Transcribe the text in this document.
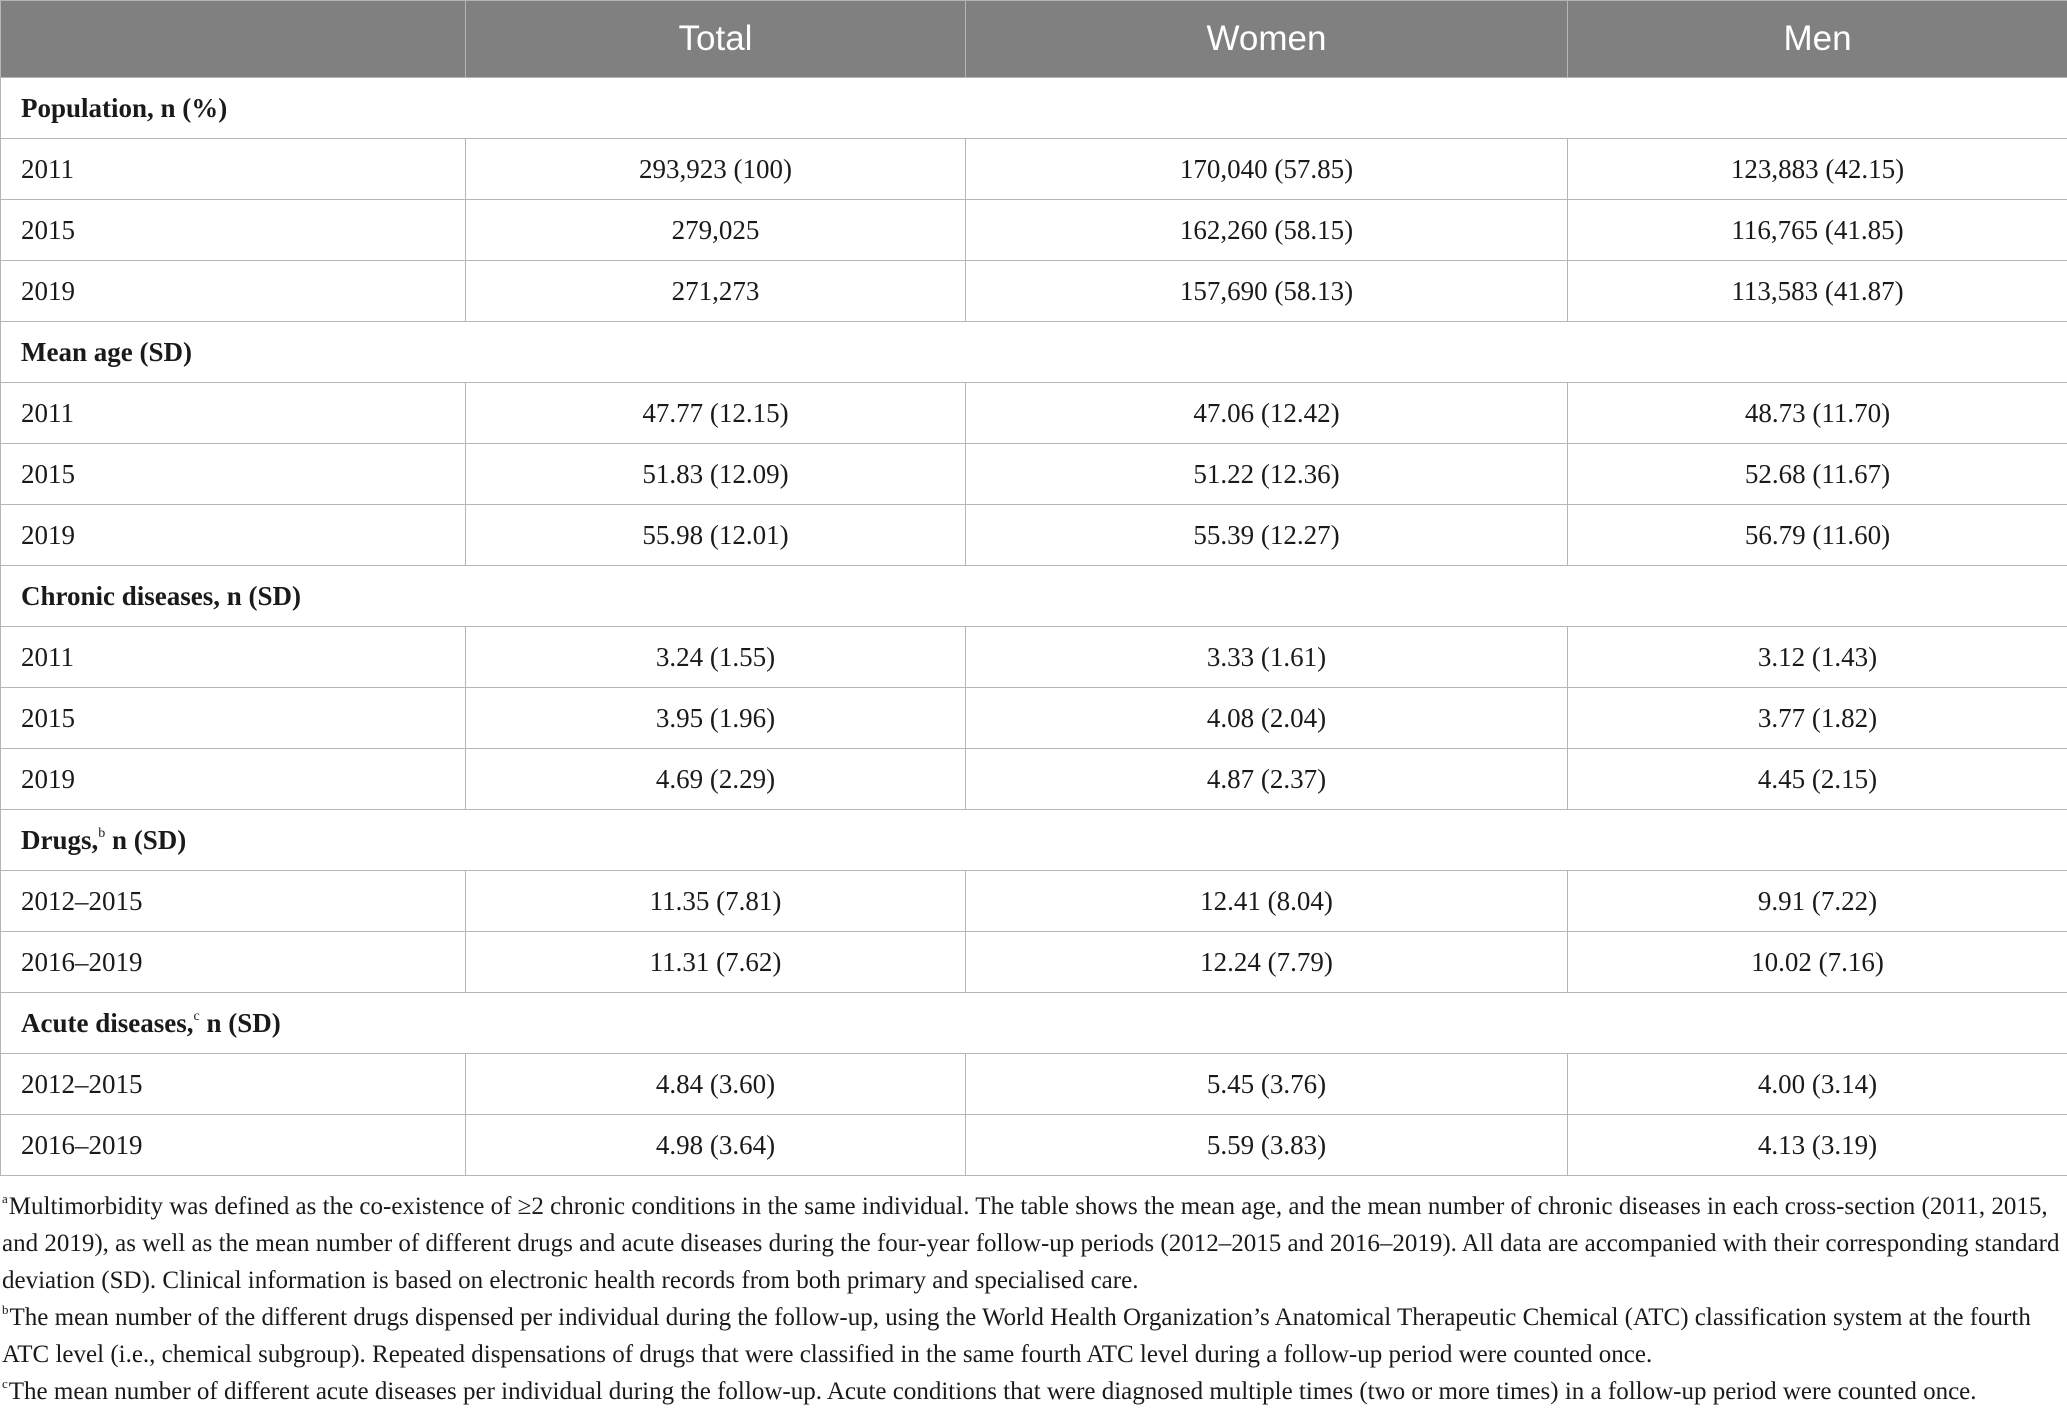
	Total	Women	Men
Population, n (%)			
2011	293,923 (100)	170,040 (57.85)	123,883 (42.15)
2015	279,025	162,260 (58.15)	116,765 (41.85)
2019	271,273	157,690 (58.13)	113,583 (41.87)
Mean age (SD)			
2011	47.77 (12.15)	47.06 (12.42)	48.73 (11.70)
2015	51.83 (12.09)	51.22 (12.36)	52.68 (11.67)
2019	55.98 (12.01)	55.39 (12.27)	56.79 (11.60)
Chronic diseases, n (SD)			
2011	3.24 (1.55)	3.33 (1.61)	3.12 (1.43)
2015	3.95 (1.96)	4.08 (2.04)	3.77 (1.82)
2019	4.69 (2.29)	4.87 (2.37)	4.45 (2.15)
Drugs,$^b$ n (SD)			
2012–2015	11.35 (7.81)	12.41 (8.04)	9.91 (7.22)
2016–2019	11.31 (7.62)	12.24 (7.79)	10.02 (7.16)
Acute diseases,$^c$ n (SD)			
2012–2015	4.84 (3.60)	5.45 (3.76)	4.00 (3.14)
2016–2019	4.98 (3.64)	5.59 (3.83)	4.13 (3.19)

$^a$Multimorbidity was defined as the co-existence of ≥2 chronic conditions in the same individual. The table shows the mean age, and the mean number of chronic diseases in each cross-section (2011, 2015, and 2019), as well as the mean number of different drugs and acute diseases during the four-year follow-up periods (2012–2015 and 2016–2019). All data are accompanied with their corresponding standard deviation (SD). Clinical information is based on electronic health records from both primary and specialised care.

$^b$The mean number of the different drugs dispensed per individual during the follow-up, using the World Health Organization’s Anatomical Therapeutic Chemical (ATC) classification system at the fourth ATC level (i.e., chemical subgroup). Repeated dispensations of drugs that were classified in the same fourth ATC level during a follow-up period were counted once.

$^c$The mean number of different acute diseases per individual during the follow-up. Acute conditions that were diagnosed multiple times (two or more times) in a follow-up period were counted once.
